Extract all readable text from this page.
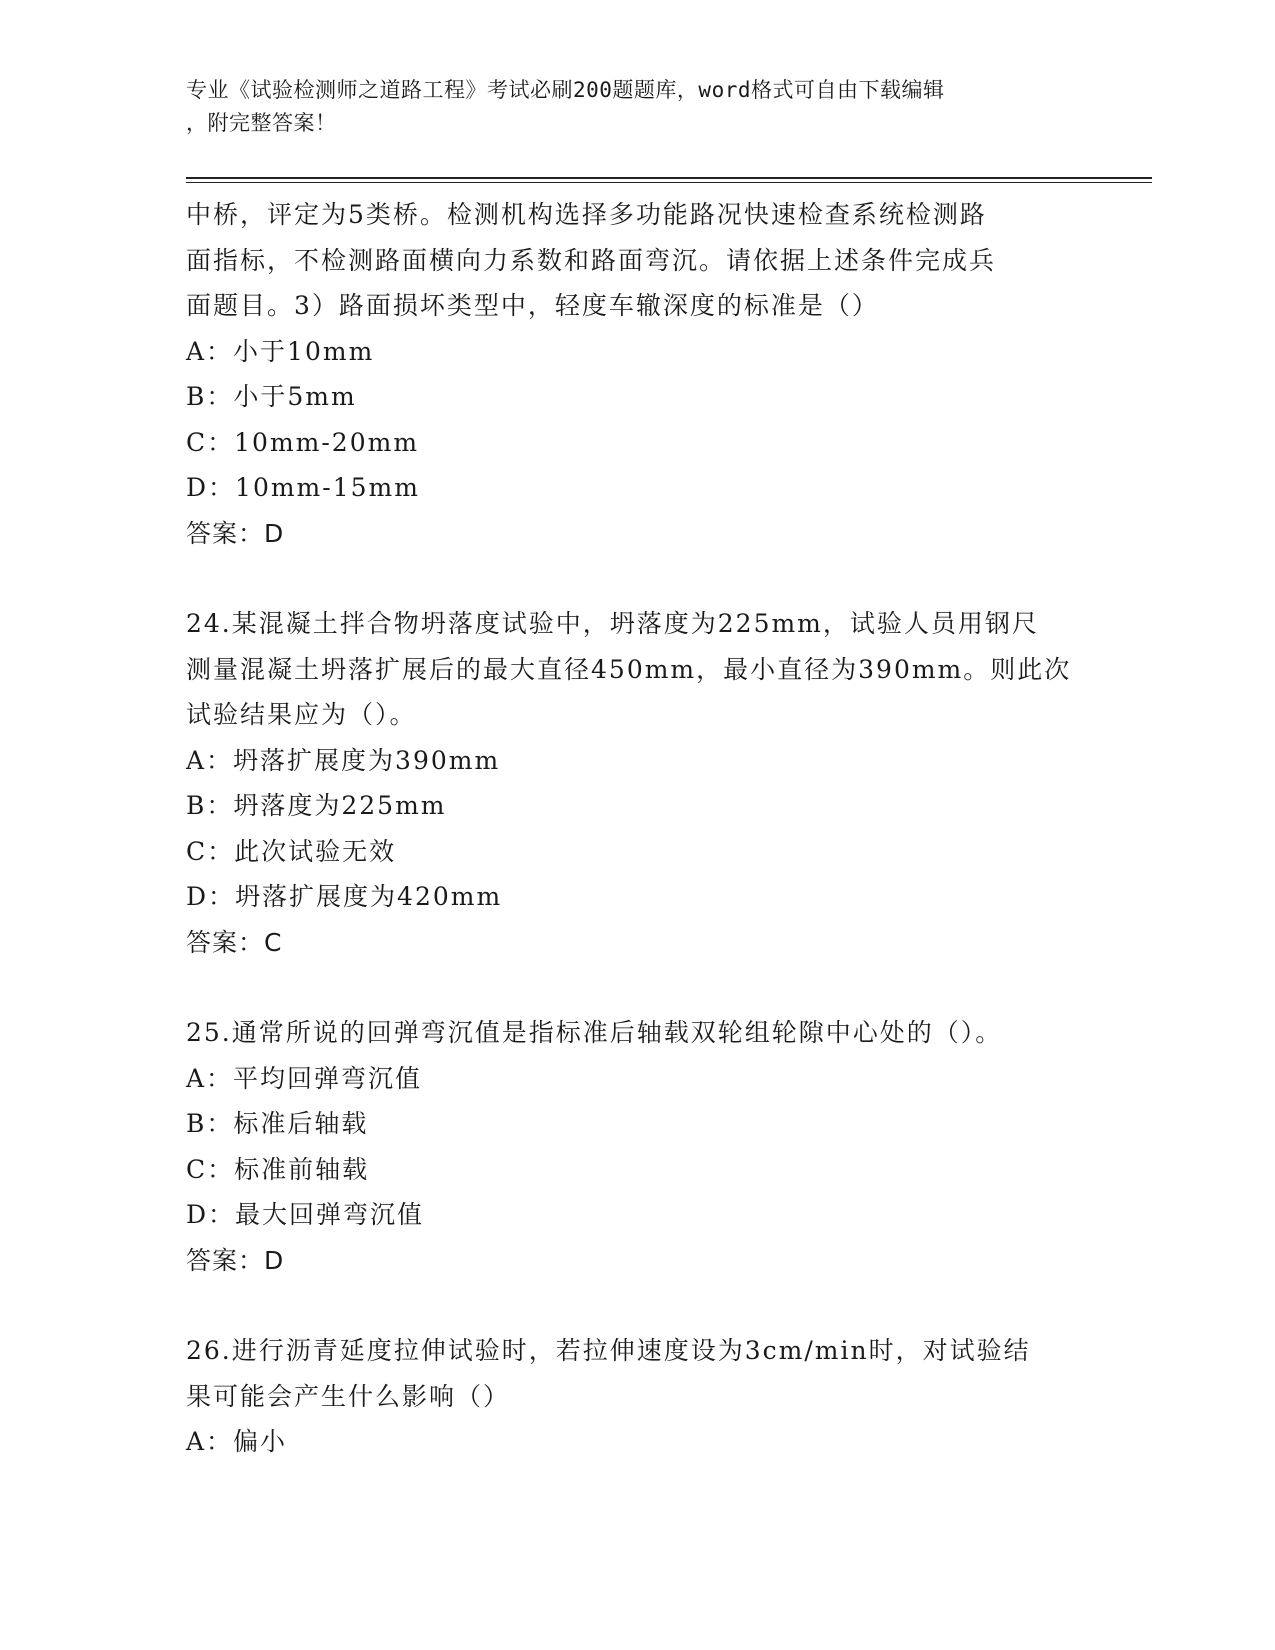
专业《试验检测师之道路工程》考试必刷200题题库，word格式可自由下载编辑
，附完整答案！

中桥，评定为5类桥。检测机构选择多功能路况快速检查系统检测路

面指标，不检测路面横向力系数和路面弯沉。请依据上述条件完成兵

面题目。3）路面损坏类型中，轻度车辙深度的标准是（）

A：小于10mm

B：小于5mm

C：10mm-20mm

D：10mm-15mm

答案：D

24.某混凝土拌合物坍落度试验中，坍落度为225mm，试验人员用钢尺

测量混凝土坍落扩展后的最大直径450mm，最小直径为390mm。则此次

试验结果应为（）。

A：坍落扩展度为390mm

B：坍落度为225mm

C：此次试验无效

D：坍落扩展度为420mm

答案：C

25.通常所说的回弹弯沉值是指标准后轴载双轮组轮隙中心处的（）。

A：平均回弹弯沉值

B：标准后轴载

C：标准前轴载

D：最大回弹弯沉值

答案：D

26.进行沥青延度拉伸试验时，若拉伸速度设为3cm/min时，对试验结

果可能会产生什么影响（）

A：偏小
